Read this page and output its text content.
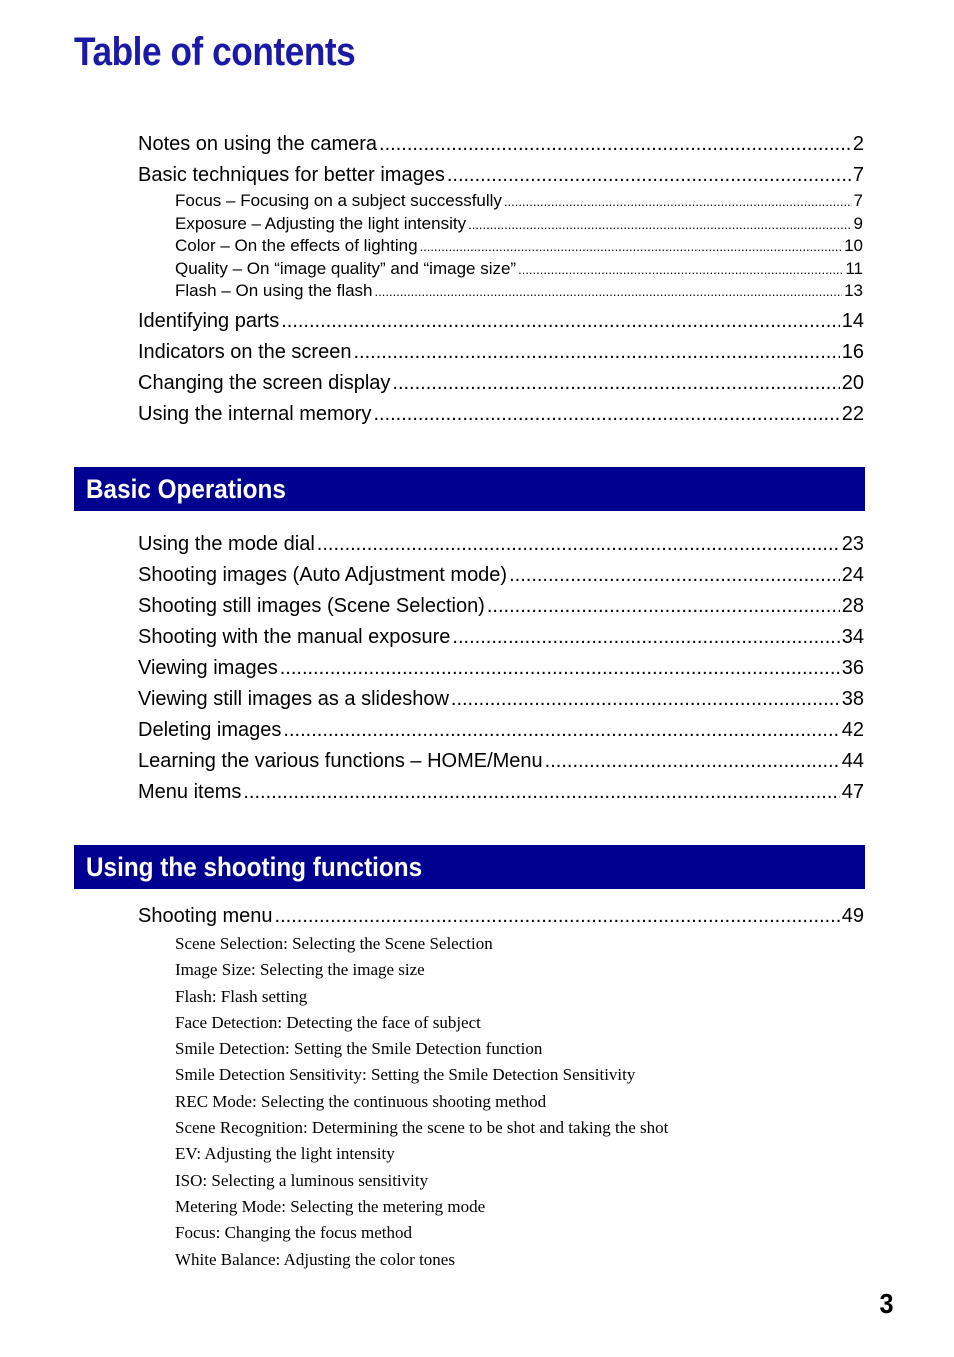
Table of contents
Notes on using the camera .....	2
Basic techniques for better images .....	7
Focus – Focusing on a subject successfully .....	7
Exposure – Adjusting the light intensity .....	9
Color – On the effects of lighting .....	10
Quality – On “image quality” and “image size” .....	11
Flash – On using the flash .....	13
Identifying parts .....	14
Indicators on the screen .....	16
Changing the screen display .....	20
Using the internal memory .....	22
Basic Operations
Using the mode dial .....	23
Shooting images (Auto Adjustment mode) .....	24
Shooting still images (Scene Selection) .....	28
Shooting with the manual exposure .....	34
Viewing images .....	36
Viewing still images as a slideshow .....	38
Deleting images .....	42
Learning the various functions – HOME/Menu .....	44
Menu items .....	47
Using the shooting functions
Shooting menu .....	49
Scene Selection: Selecting the Scene Selection
Image Size: Selecting the image size
Flash: Flash setting
Face Detection: Detecting the face of subject
Smile Detection: Setting the Smile Detection function
Smile Detection Sensitivity: Setting the Smile Detection Sensitivity
REC Mode: Selecting the continuous shooting method
Scene Recognition: Determining the scene to be shot and taking the shot
EV: Adjusting the light intensity
ISO: Selecting a luminous sensitivity
Metering Mode: Selecting the metering mode
Focus: Changing the focus method
White Balance: Adjusting the color tones
3
